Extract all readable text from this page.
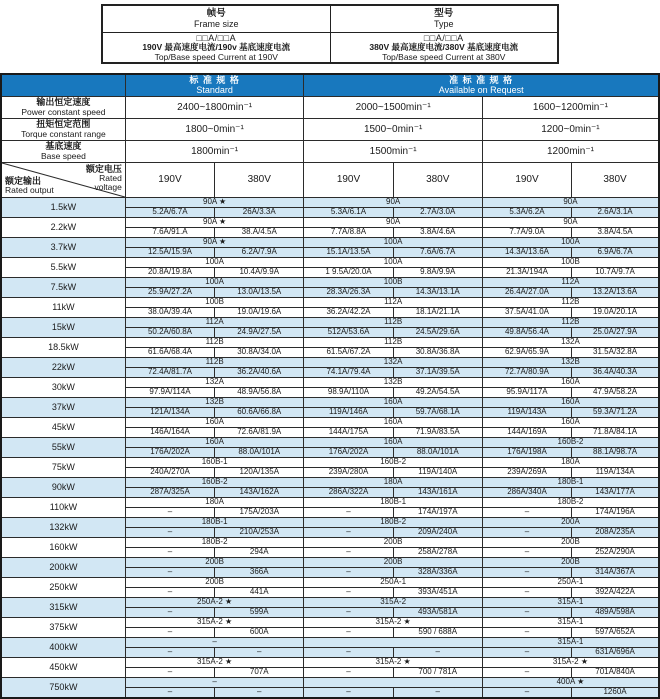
帧号
Frame size	型号
Type

□□A/□□A
190V 最高速度电流/190v 基底速度电流
Top/Base speed Current at 190V	□□A/□□A
380V 最高速度电流/380V 基底速度电流
Top/Base speed Current at 380V

	标 准 规 格
Standard		准 标 准 规 格
Available on Request			

输出恒定速度
Power constant speed	2400~1800min⁻¹		2000~1500min⁻¹		1600~1200min⁻¹	

扭矩恒定范围
Torque constant range	1800~0min⁻¹		1500~0min⁻¹		1200~0min⁻¹	

基底速度
Base speed	1800min⁻¹		1500min⁻¹		1200min⁻¹	

额定电压
Rated
voltage
额定输出
Rated output	190V	380V	190V	380V	190V	380V
1.5kW	90A ★		90A		90A	
	5.2A/6.7A	26A/3.3A	5.3A/6.1A	2.7A/3.0A	5.3A/6.2A	2.6A/3.1A
2.2kW	90A ★		90A		90A	
	7.6A/91.A	38.A/4.5A	7.7A/8.8A	3.8A/4.6A	7.7A/9.0A	3.8A/4.5A
3.7kW	90A ★		100A		100A	
	12.5A/15.9A	6.2A/7.9A	15.1A/13.5A	7.6A/6.7A	14.3A/13.6A	6.9A/6.7A
5.5kW	100A		100A		100B	
	20.8A/19.8A	10.4A/9.9A	1 9.5A/20.0A	9.8A/9.9A	21.3A/194A	10.7A/9.7A
7.5kW	100A		100B		112A	
	25.9A/27.2A	13.0A/13.5A	28.3A/26.3A	14.3A/13.1A	26.4A/27.0A	13.2A/13.6A
11kW	100B		112A		112B	
	38.0A/39.4A	19.0A/19.6A	36.2A/42.2A	18.1A/21.1A	37.5A/41.0A	19.0A/20.1A
15kW	112A		112B		112B	
	50.2A/60.8A	24.9A/27.5A	512A/53.6A	24.5A/29.6A	49.8A/56.4A	25.0A/27.9A
18.5kW	112B		112B		132A	
	61.6A/68.4A	30.8A/34.0A	61.5A/67.2A	30.8A/36.8A	62.9A/65.9A	31.5A/32.8A
22kW	112B		132A		132B	
	72.4A/81.7A	36.2A/40.6A	74.1A/79.4A	37.1A/39.5A	72.7A/80.9A	36.4A/40.3A
30kW	132A		132B		160A	
	97.9A/114A	48.9A/56.8A	98.9A/110A	49.2A/54.5A	95.9A/117A	47.9A/58.2A
37kW	132B		160A		160A	
	121A/134A	60.6A/66.8A	119A/146A	59.7A/68.1A	119A/143A	59.3A/71.2A
45kW	160A		160A		160A	
	146A/164A	72.6A/81.9A	144A/175A	71.9A/83.5A	144A/169A	71.8A/84.1A
55kW	160A		160A		160B-2	
	176A/202A	88.0A/101A	176A/202A	88.0A/101A	176A/198A	88.1A/98.7A
75kW	160B-1		160B-2		180A	
	240A/270A	120A/135A	239A/280A	119A/140A	239A/269A	119A/134A
90kW	160B-2		180A		180B-1	
	287A/325A	143A/162A	286A/322A	143A/161A	286A/340A	143A/177A
110kW	180A		180B-1		180B-2	
	–	175A/203A	–	174A/197A	–	174A/196A
132kW	180B-1		180B-2		200A	
	–	210A/253A	–	209A/240A	–	208A/235A
160kW	180B-2		200B		200B	
	–	294A	–	258A/278A	–	252A/290A
200kW	200B		200B		200B	
	–	366A	–	328A/336A	–	314A/367A
250kW	200B		250A-1		250A-1	
	–	441A	–	393A/451A	–	392A/422A
315kW	250A-2 ★		315A-2		315A-1	
	–	599A	–	493A/581A	–	489A/598A
375kW	315A-2 ★		315A-2 ★		315A-1	
	–	600A	–	590 / 688A	–	597A/652A
400kW	–				315A-1	
	–	–	–	–	–	631A/696A
450kW	315A-2 ★		315A-2 ★		315A-2 ★	
	–	707A	–	700 / 781A	–	701A/840A
750kW	–				400A ★	
	–	–	–	–	–	1260A
